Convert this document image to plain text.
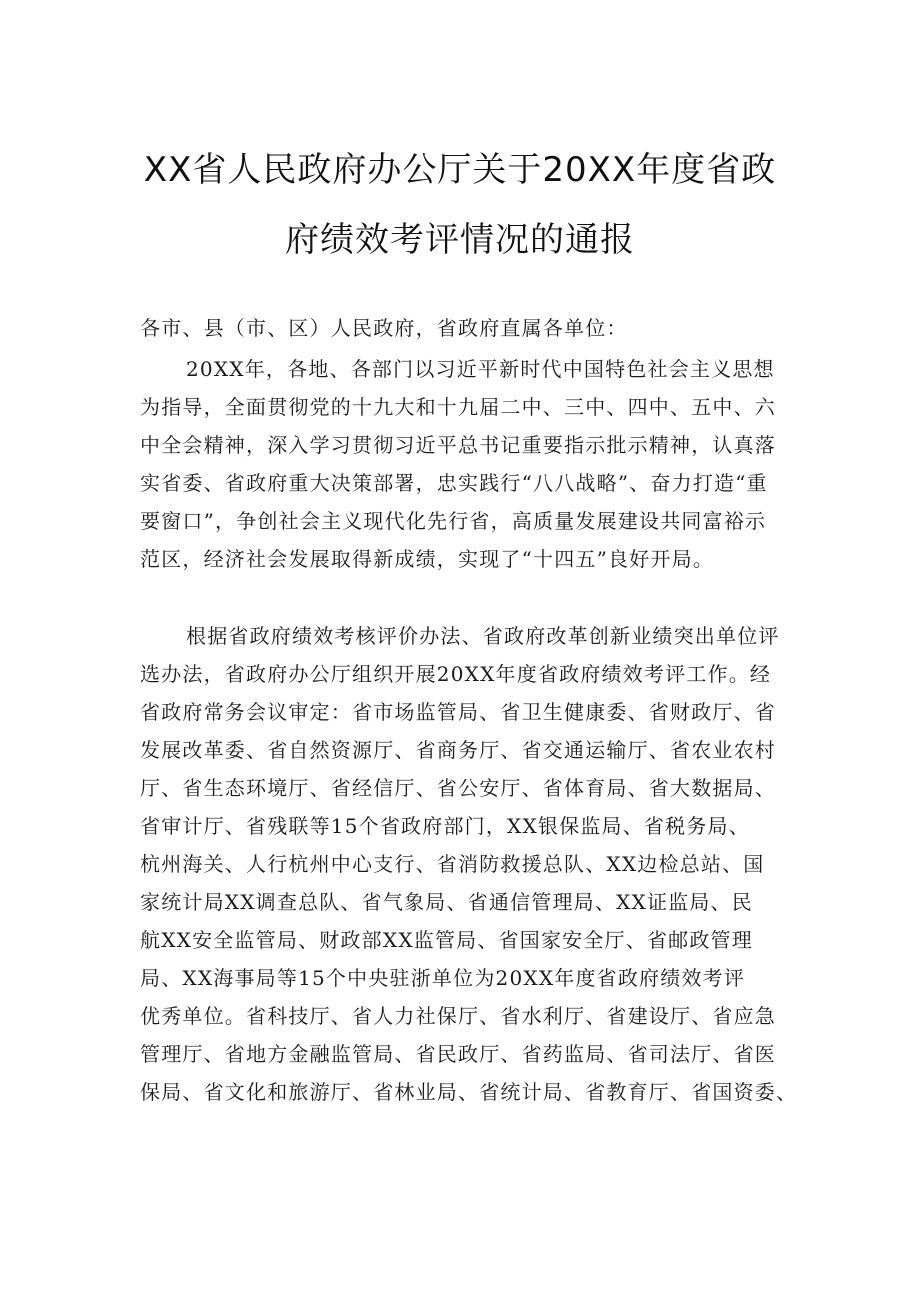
XX省人民政府办公厅关于20XX年度省政
府绩效考评情况的通报
各市、县（市、区）人民政府，省政府直属各单位：
20XX年，各地、各部门以习近平新时代中国特色社会主义思想
为指导，全面贯彻党的十九大和十九届二中、三中、四中、五中、六
中全会精神，深入学习贯彻习近平总书记重要指示批示精神，认真落
实省委、省政府重大决策部署，忠实践行“八八战略”、奋力打造“重
要窗口”，争创社会主义现代化先行省，高质量发展建设共同富裕示
范区，经济社会发展取得新成绩，实现了“十四五”良好开局。
根据省政府绩效考核评价办法、省政府改革创新业绩突出单位评
选办法，省政府办公厅组织开展20XX年度省政府绩效考评工作。经
省政府常务会议审定：省市场监管局、省卫生健康委、省财政厅、省
发展改革委、省自然资源厅、省商务厅、省交通运输厅、省农业农村
厅、省生态环境厅、省经信厅、省公安厅、省体育局、省大数据局、
省审计厅、省残联等15个省政府部门，XX银保监局、省税务局、
杭州海关、人行杭州中心支行、省消防救援总队、XX边检总站、国
家统计局XX调查总队、省气象局、省通信管理局、XX证监局、民
航XX安全监管局、财政部XX监管局、省国家安全厅、省邮政管理
局、XX海事局等15个中央驻浙单位为20XX年度省政府绩效考评
优秀单位。省科技厅、省人力社保厅、省水利厅、省建设厅、省应急
管理厅、省地方金融监管局、省民政厅、省药监局、省司法厅、省医
保局、省文化和旅游厅、省林业局、省统计局、省教育厅、省国资委、
